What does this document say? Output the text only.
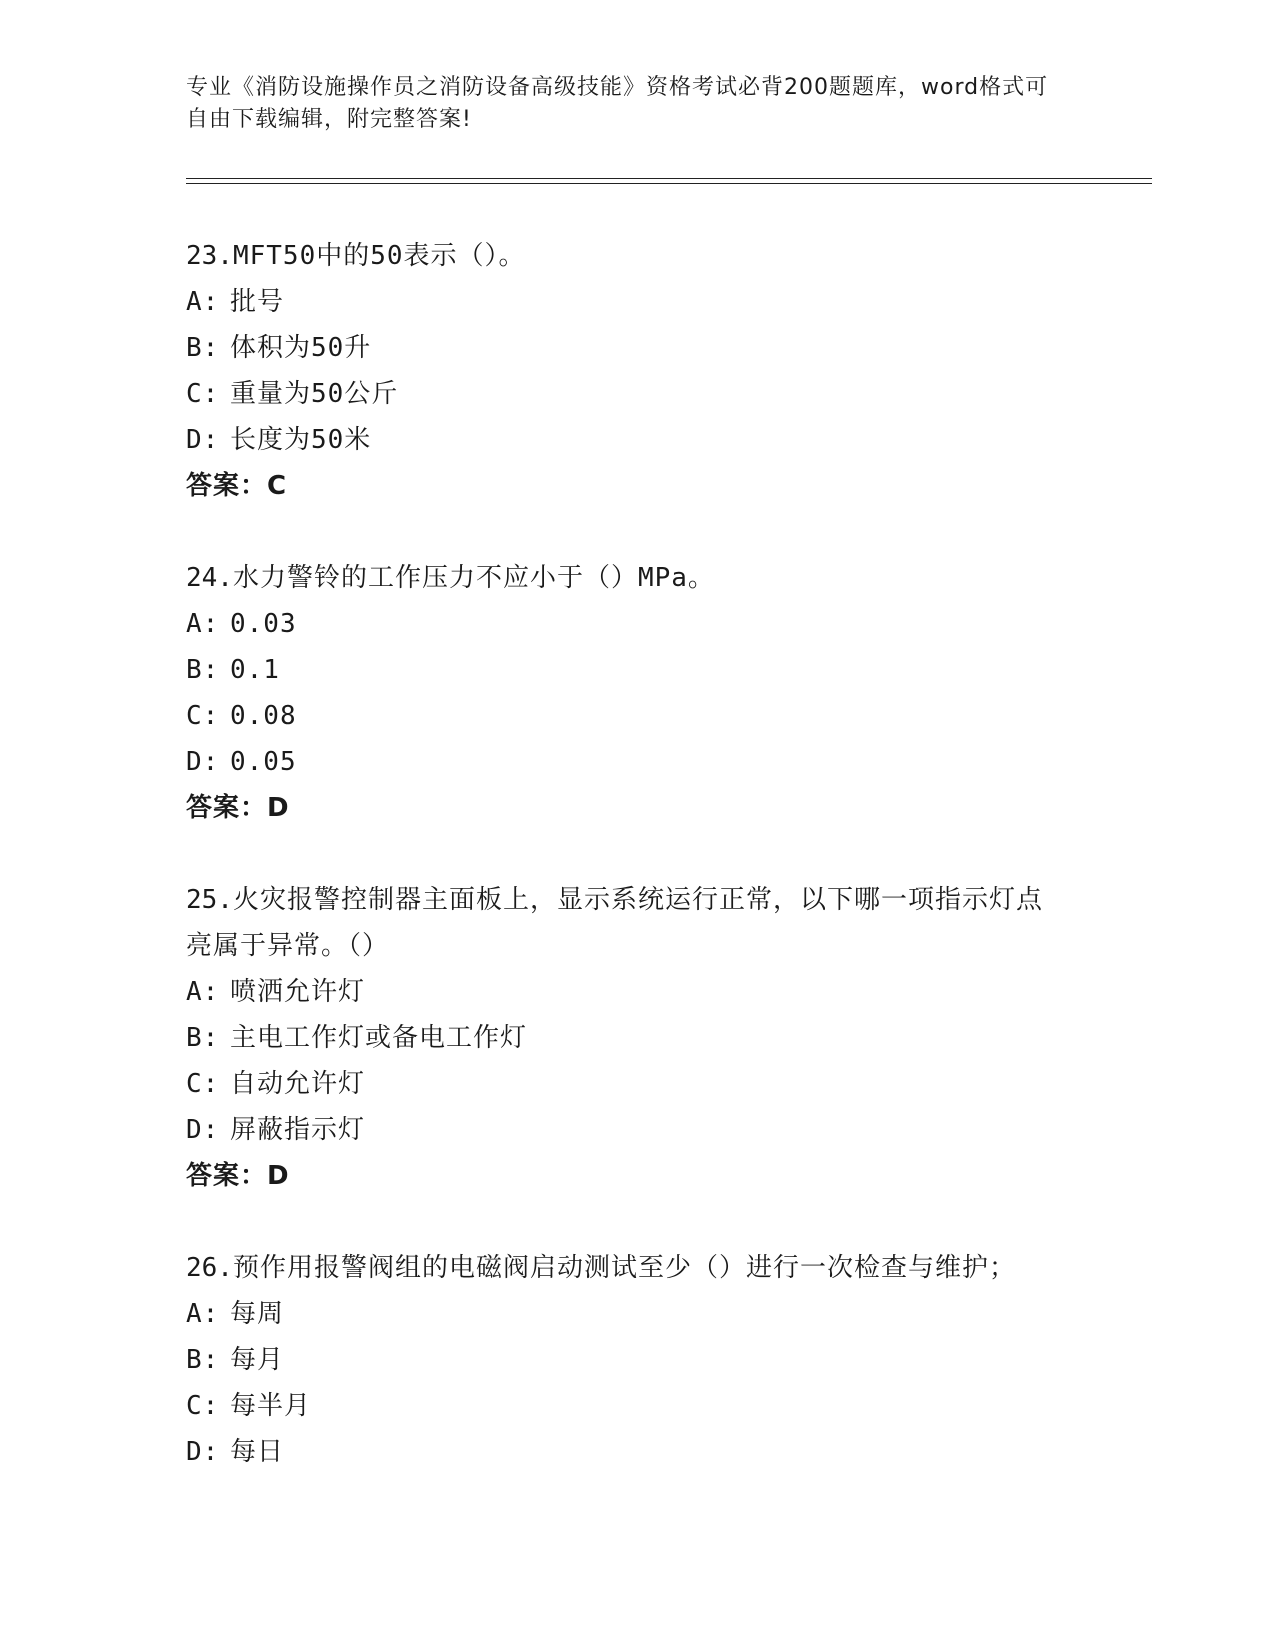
专业《消防设施操作员之消防设备高级技能》资格考试必背200题题库，word格式可自由下载编辑，附完整答案!
23.MFT50中的50表示（）。
A: 批号
B: 体积为50升
C: 重量为50公斤
D: 长度为50米
答案：C
24.水力警铃的工作压力不应小于（）MPa。
A: 0.03
B: 0.1
C: 0.08
D: 0.05
答案：D
25.火灾报警控制器主面板上，显示系统运行正常，以下哪一项指示灯点亮属于异常。（）
A: 喷洒允许灯
B: 主电工作灯或备电工作灯
C: 自动允许灯
D: 屏蔽指示灯
答案：D
26.预作用报警阀组的电磁阀启动测试至少（）进行一次检查与维护；
A: 每周
B: 每月
C: 每半月
D: 每日
